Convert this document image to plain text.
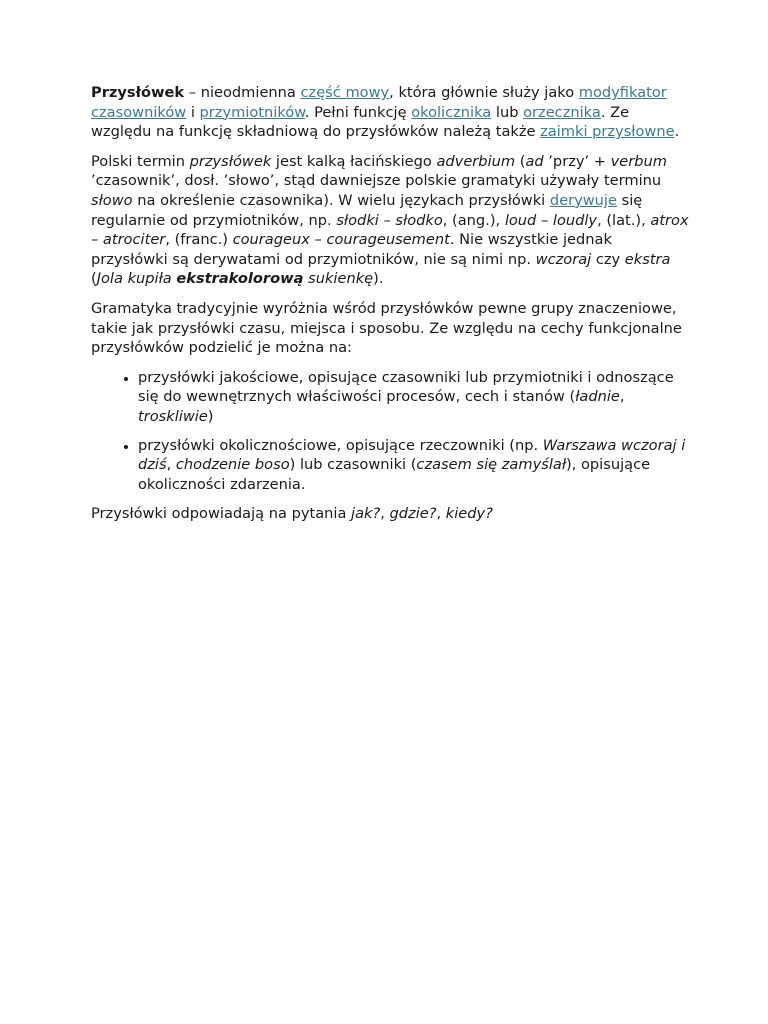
Przysłówek – nieodmienna część mowy, która głównie służy jako modyfikator czasowników i przymiotników. Pełni funkcję okolicznika lub orzecznika. Ze względu na funkcję składniową do przysłówków należą także zaimki przysłowne.

Polski termin przysłówek jest kalką łacińskiego adverbium (ad ’przy’ + verbum ’czasownik’, dosł. ’słowo’, stąd dawniejsze polskie gramatyki używały terminu słowo na określenie czasownika). W wielu językach przysłówki derywuje się regularnie od przymiotników, np. słodki – słodko, (ang.), loud – loudly, (lat.), atrox – atrociter, (franc.) courageux – courageusement. Nie wszystkie jednak przysłówki są derywatami od przymiotników, nie są nimi np. wczoraj czy ekstra (Jola kupiła ekstrakolorową sukienkę).

Gramatyka tradycyjnie wyróżnia wśród przysłówków pewne grupy znaczeniowe, takie jak przysłówki czasu, miejsca i sposobu. Ze względu na cechy funkcjonalne przysłówków podzielić je można na:

• przysłówki jakościowe, opisujące czasowniki lub przymiotniki i odnoszące się do wewnętrznych właściwości procesów, cech i stanów (ładnie, troskliwie)
• przysłówki okolicznościowe, opisujące rzeczowniki (np. Warszawa wczoraj i dziś, chodzenie boso) lub czasowniki (czasem się zamyślał), opisujące okoliczności zdarzenia.

Przysłówki odpowiadają na pytania jak?, gdzie?, kiedy?
